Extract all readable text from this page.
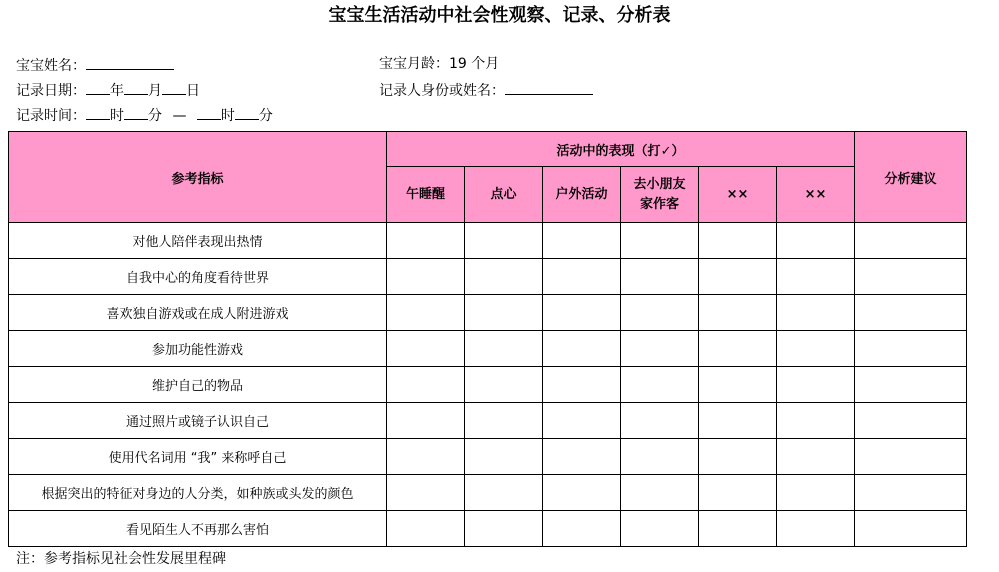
宝宝生活活动中社会性观察、记录、分析表
宝宝姓名：	宝宝月龄：19 个月
记录日期： 年 月 日	记录人身份或姓名：
记录时间： 时 分 — 时 分
参考指标	活动中的表现（打✓）						分析建议
	午睡醒	点心	户外活动	去小朋友
家作客	××	××	
对他人陪伴表现出热情							
自我中心的角度看待世界							
喜欢独自游戏或在成人附进游戏							
参加功能性游戏							
维护自己的物品							
通过照片或镜子认识自己							
使用代名词用 “我” 来称呼自己							
根据突出的特征对身边的人分类，如种族或头发的颜色							
看见陌生人不再那么害怕							
注：参考指标见社会性发展里程碑
